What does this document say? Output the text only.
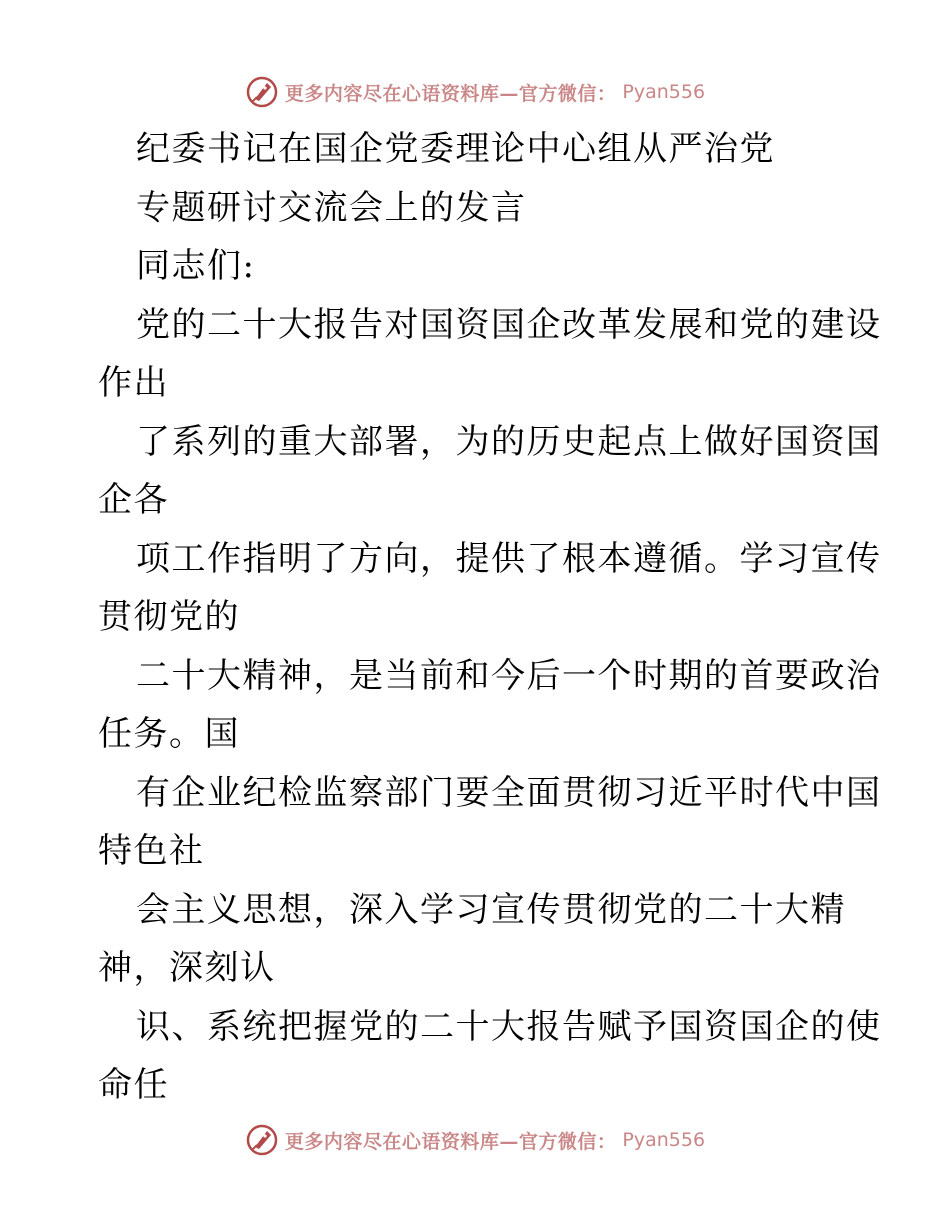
更多内容尽在心语资料库—官方微信： Pyan556
纪委书记在国企党委理论中心组从严治党
专题研讨交流会上的发言
同志们:
党的二十大报告对国资国企改革发展和党的建设
作出
了系列的重大部署，为的历史起点上做好国资国
企各
项工作指明了方向，提供了根本遵循。学习宣传
贯彻党的
二十大精神，是当前和今后一个时期的首要政治
任务。国
有企业纪检监察部门要全面贯彻习近平时代中国
特色社
会主义思想，深入学习宣传贯彻党的二十大精
神，深刻认
识、系统把握党的二十大报告赋予国资国企的使
命任
更多内容尽在心语资料库—官方微信： Pyan556
